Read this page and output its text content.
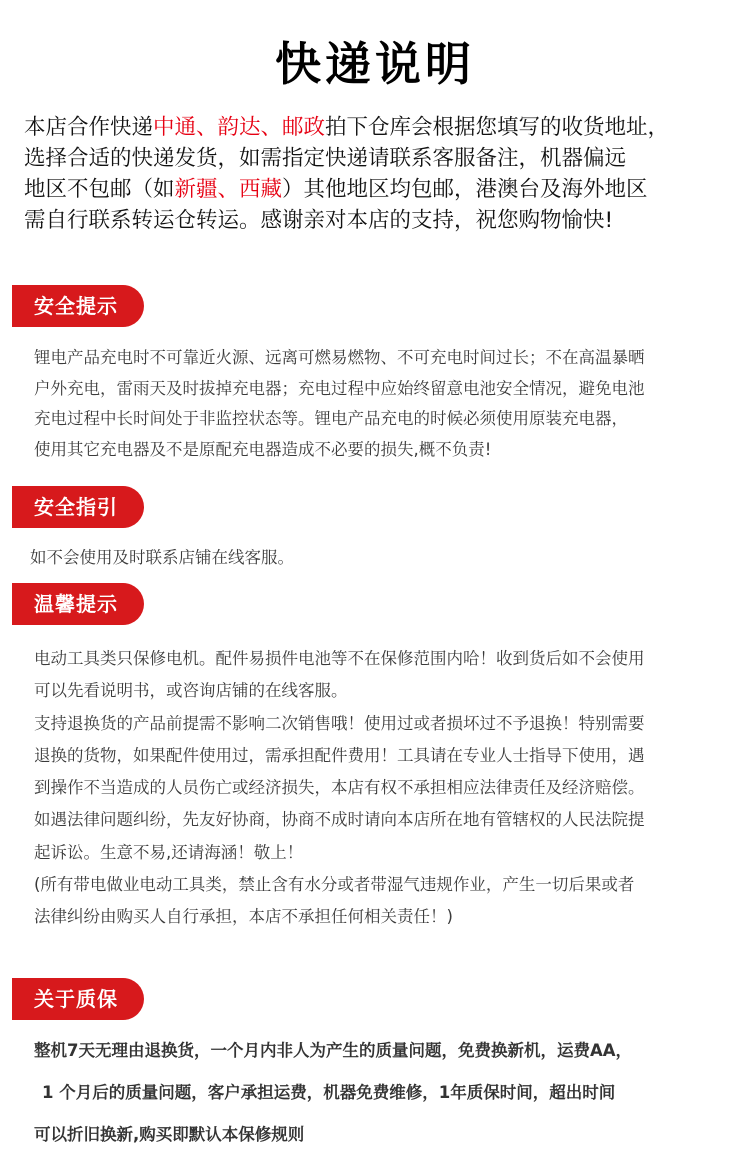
快递说明
本店合作快递中通、韵达、邮政拍下仓库会根据您填写的收货地址，
选择合适的快递发货，如需指定快递请联系客服备注，机器偏远
地区不包邮（如新疆、西藏）其他地区均包邮，港澳台及海外地区
需自行联系转运仓转运。感谢亲对本店的支持，祝您购物愉快!
安全提示

锂电产品充电时不可靠近火源、远离可燃易燃物、不可充电时间过长；不在高温暴晒

户外充电，雷雨天及时拔掉充电器；充电过程中应始终留意电池安全情况，避免电池

充电过程中长时间处于非监控状态等。锂电产品充电的时候必须使用原装充电器，

使用其它充电器及不是原配充电器造成不必要的损失,概不负责!

安全指引

如不会使用及时联系店铺在线客服。

温馨提示

电动工具类只保修电机。配件易损件电池等不在保修范围内哈！收到货后如不会使用

可以先看说明书，或咨询店铺的在线客服。

支持退换货的产品前提需不影响二次销售哦！使用过或者损坏过不予退换！特别需要

退换的货物，如果配件使用过，需承担配件费用！工具请在专业人士指导下使用，遇

到操作不当造成的人员伤亡或经济损失，本店有权不承担相应法律责任及经济赔偿。

如遇法律问题纠纷，先友好协商，协商不成时请向本店所在地有管辖权的人民法院提

起诉讼。生意不易,还请海涵！敬上！

(所有带电做业电动工具类，禁止含有水分或者带湿气违规作业，产生一切后果或者

法律纠纷由购买人自行承担，本店不承担任何相关责任！)

关于质保

整机7天无理由退换货，一个月内非人为产生的质量问题，免费换新机，运费AA，

1 个月后的质量问题，客户承担运费，机器免费维修，1年质保时间，超出时间

可以折旧换新,购买即默认本保修规则
